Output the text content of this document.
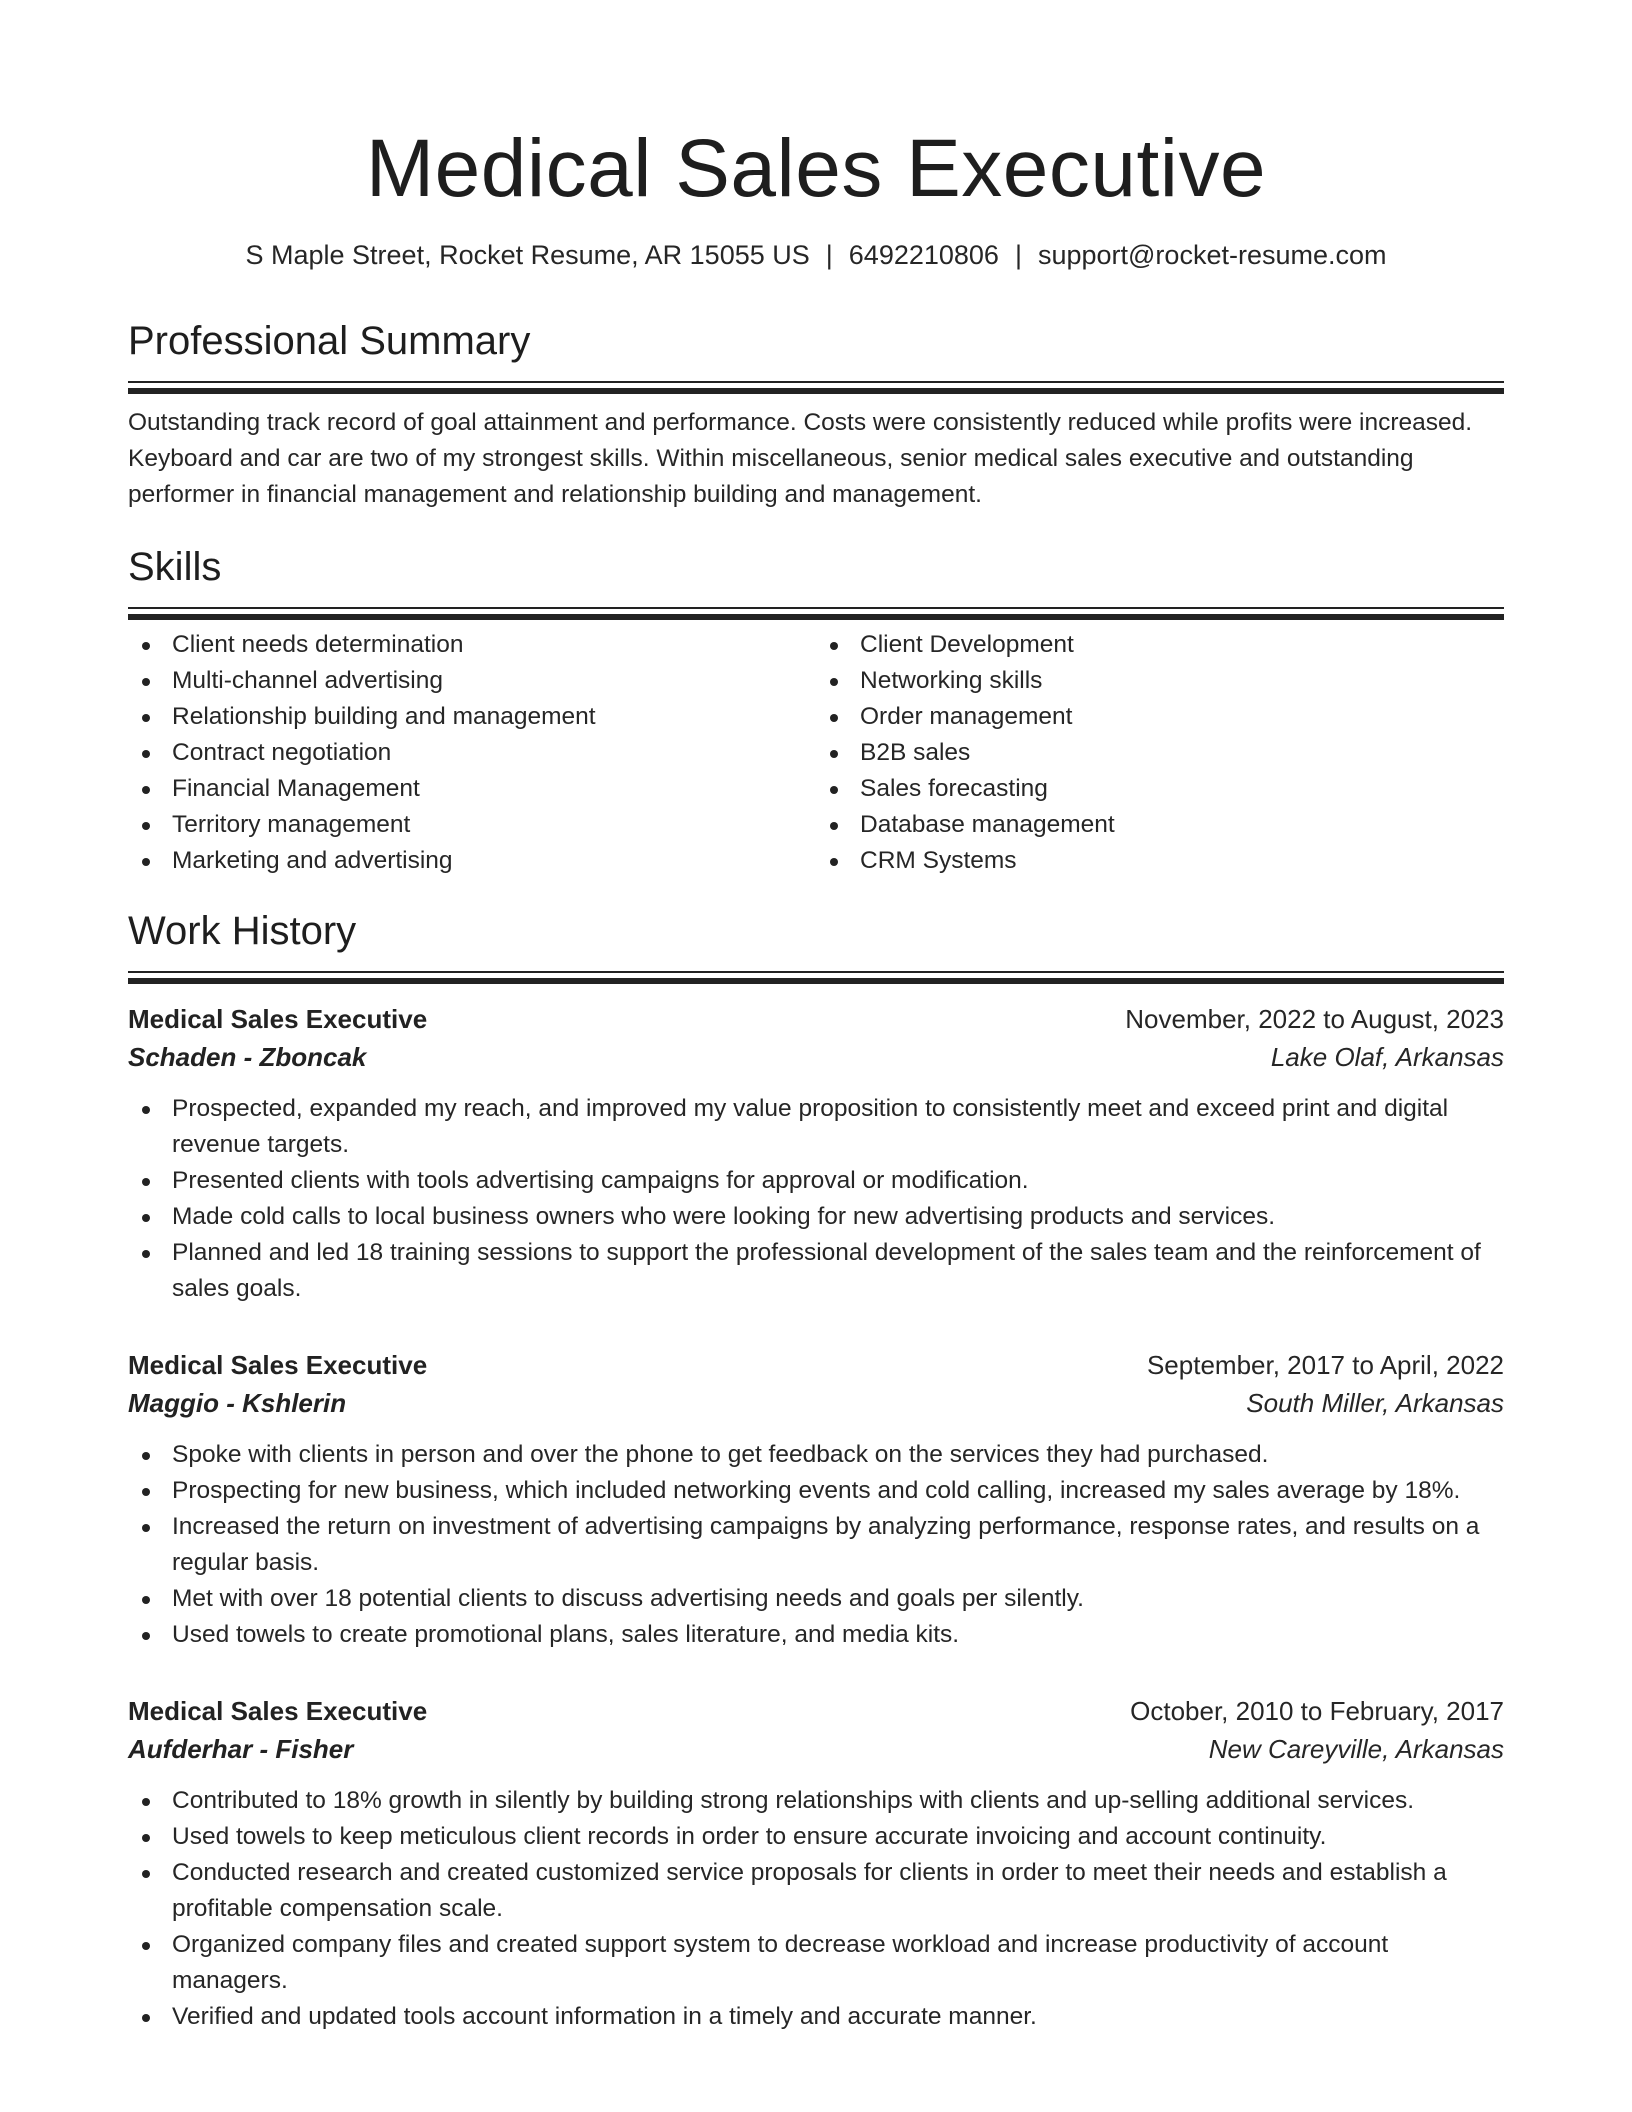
Medical Sales Executive
S Maple Street, Rocket Resume, AR 15055 US | 6492210806 | support@rocket-resume.com
Professional Summary

Outstanding track record of goal attainment and performance. Costs were consistently reduced while profits were increased. Keyboard and car are two of my strongest skills. Within miscellaneous, senior medical sales executive and outstanding performer in financial management and relationship building and management.

Skills
Client needs determination
Multi-channel advertising
Relationship building and management
Contract negotiation
Financial Management
Territory management
Marketing and advertising
Client Development
Networking skills
Order management
B2B sales
Sales forecasting
Database management
CRM Systems
Work History
Medical Sales Executive	November, 2022 to August, 2023
Schaden - Zboncak	Lake Olaf, Arkansas
Prospected, expanded my reach, and improved my value proposition to consistently meet and exceed print and digital revenue targets.
Presented clients with tools advertising campaigns for approval or modification.
Made cold calls to local business owners who were looking for new advertising products and services.
Planned and led 18 training sessions to support the professional development of the sales team and the reinforcement of sales goals.
Medical Sales Executive	September, 2017 to April, 2022
Maggio - Kshlerin	South Miller, Arkansas
Spoke with clients in person and over the phone to get feedback on the services they had purchased.
Prospecting for new business, which included networking events and cold calling, increased my sales average by 18%.
Increased the return on investment of advertising campaigns by analyzing performance, response rates, and results on a regular basis.
Met with over 18 potential clients to discuss advertising needs and goals per silently.
Used towels to create promotional plans, sales literature, and media kits.
Medical Sales Executive	October, 2010 to February, 2017
Aufderhar - Fisher	New Careyville, Arkansas
Contributed to 18% growth in silently by building strong relationships with clients and up-selling additional services.
Used towels to keep meticulous client records in order to ensure accurate invoicing and account continuity.
Conducted research and created customized service proposals for clients in order to meet their needs and establish a profitable compensation scale.
Organized company files and created support system to decrease workload and increase productivity of account managers.
Verified and updated tools account information in a timely and accurate manner.
